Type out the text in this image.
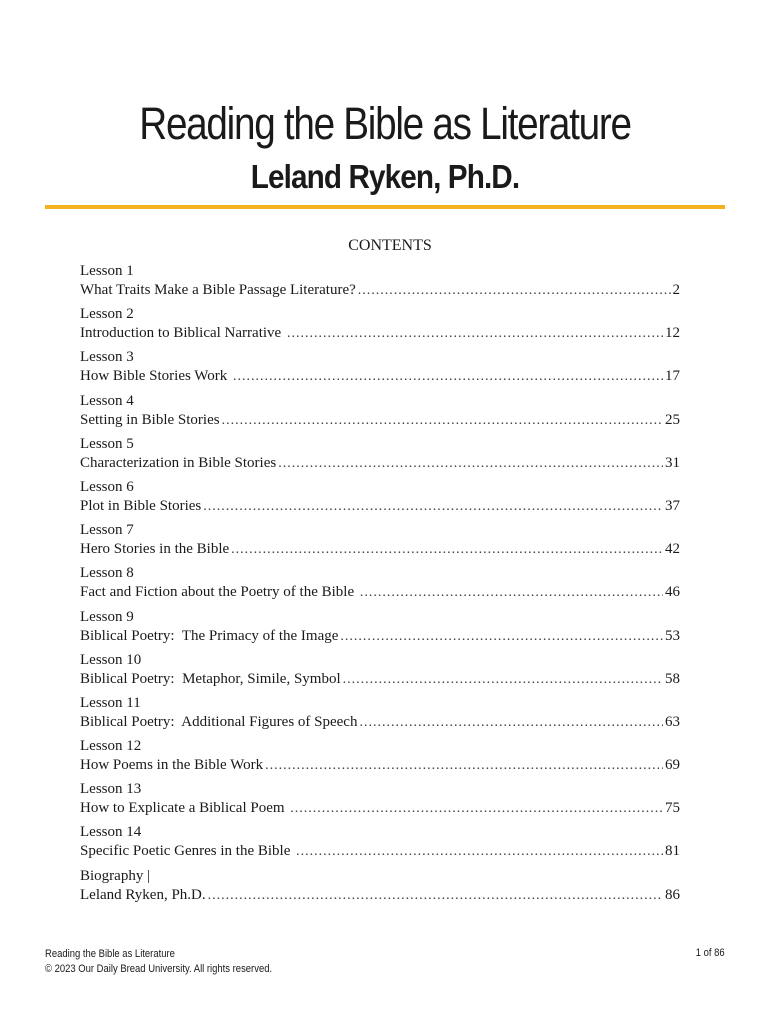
Reading the Bible as Literature
Leland Ryken, Ph.D.
CONTENTS
Lesson 1
What Traits Make a Bible Passage Literature? .....	2
Lesson 2
Introduction to Biblical Narrative .....	12
Lesson 3
How Bible Stories Work .....	17
Lesson 4
Setting in Bible Stories .....	25
Lesson 5
Characterization in Bible Stories .....	31
Lesson 6
Plot in Bible Stories .....	37
Lesson 7
Hero Stories in the Bible .....	42
Lesson 8
Fact and Fiction about the Poetry of the Bible .....	46
Lesson 9
Biblical Poetry:  The Primacy of the Image .....	53
Lesson 10
Biblical Poetry:  Metaphor, Simile, Symbol .....	58
Lesson 11
Biblical Poetry:  Additional Figures of Speech .....	63
Lesson 12
How Poems in the Bible Work .....	69
Lesson 13
How to Explicate a Biblical Poem .....	75
Lesson 14
Specific Poetic Genres in the Bible .....	81
Biography |
Leland Ryken, Ph.D. .....	86
Reading the Bible as Literature
© 2023 Our Daily Bread University. All rights reserved.
1 of 86
